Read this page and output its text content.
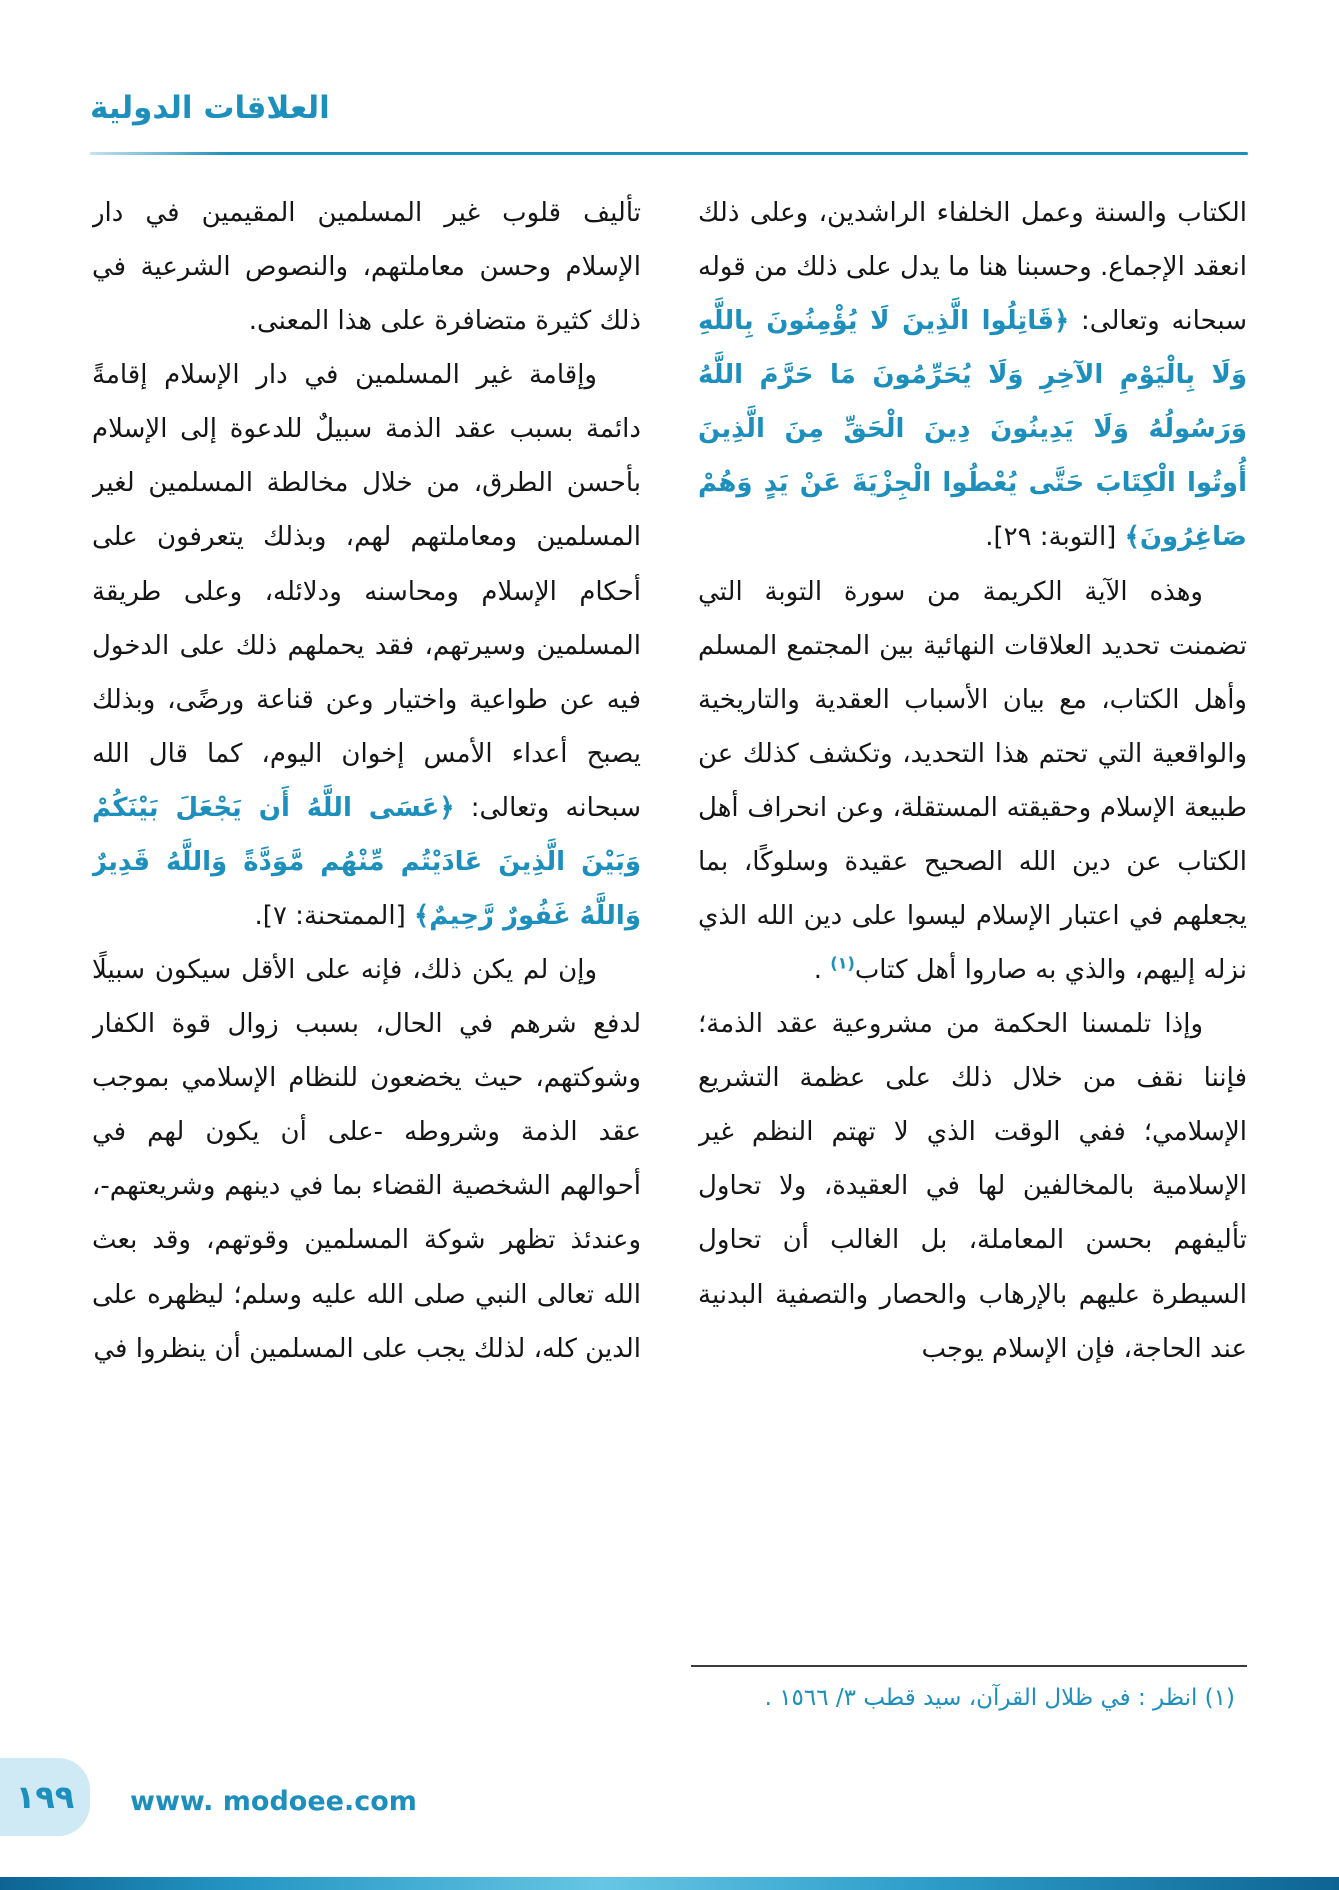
العلاقات الدولية

الكتاب والسنة وعمل الخلفاء الراشدين، وعلى ذلك انعقد الإجماع. وحسبنا هنا ما يدل على ذلك من قوله سبحانه وتعالى: ﴿قَاتِلُوا الَّذِينَ لَا يُؤْمِنُونَ بِاللَّهِ وَلَا بِالْيَوْمِ الآخِرِ وَلَا يُحَرِّمُونَ مَا حَرَّمَ اللَّهُ وَرَسُولُهُ وَلَا يَدِينُونَ دِينَ الْحَقِّ مِنَ الَّذِينَ أُوتُوا الْكِتَابَ حَتَّى يُعْطُوا الْجِزْيَةَ عَنْ يَدٍ وَهُمْ صَاغِرُونَ﴾ [التوبة: ٢٩].

وهذه الآية الكريمة من سورة التوبة التي تضمنت تحديد العلاقات النهائية بين المجتمع المسلم وأهل الكتاب، مع بيان الأسباب العقدية والتاريخية والواقعية التي تحتم هذا التحديد، وتكشف كذلك عن طبيعة الإسلام وحقيقته المستقلة، وعن انحراف أهل الكتاب عن دين الله الصحيح عقيدة وسلوكًا، بما يجعلهم في اعتبار الإسلام ليسوا على دين الله الذي نزله إليهم، والذي به صاروا أهل كتاب$^{(١)}$ .

وإذا تلمسنا الحكمة من مشروعية عقد الذمة؛ فإننا نقف من خلال ذلك على عظمة التشريع الإسلامي؛ ففي الوقت الذي لا تهتم النظم غير الإسلامية بالمخالفين لها في العقيدة، ولا تحاول تأليفهم بحسن المعاملة، بل الغالب أن تحاول السيطرة عليهم بالإرهاب والحصار والتصفية البدنية عند الحاجة، فإن الإسلام يوجب

تأليف قلوب غير المسلمين المقيمين في دار الإسلام وحسن معاملتهم، والنصوص الشرعية في ذلك كثيرة متضافرة على هذا المعنى.

وإقامة غير المسلمين في دار الإسلام إقامةً دائمة بسبب عقد الذمة سبيلٌ للدعوة إلى الإسلام بأحسن الطرق، من خلال مخالطة المسلمين لغير المسلمين ومعاملتهم لهم، وبذلك يتعرفون على أحكام الإسلام ومحاسنه ودلائله، وعلى طريقة المسلمين وسيرتهم، فقد يحملهم ذلك على الدخول فيه عن طواعية واختيار وعن قناعة ورضًى، وبذلك يصبح أعداء الأمس إخوان اليوم، كما قال الله سبحانه وتعالى: ﴿عَسَى اللَّهُ أَن يَجْعَلَ بَيْنَكُمْ وَبَيْنَ الَّذِينَ عَادَيْتُم مِّنْهُم مَّوَدَّةً وَاللَّهُ قَدِيرٌ وَاللَّهُ غَفُورٌ رَّحِيمٌ﴾ [الممتحنة: ٧].

وإن لم يكن ذلك، فإنه على الأقل سيكون سبيلًا لدفع شرهم في الحال، بسبب زوال قوة الكفار وشوكتهم، حيث يخضعون للنظام الإسلامي بموجب عقد الذمة وشروطه -على أن يكون لهم في أحوالهم الشخصية القضاء بما في دينهم وشريعتهم-، وعندئذ تظهر شوكة المسلمين وقوتهم، وقد بعث الله تعالى النبي صلى الله عليه وسلم؛ ليظهره على الدين كله، لذلك يجب على المسلمين أن ينظروا في

(١) انظر : في ظلال القرآن، سيد قطب ٣/ ١٥٦٦ .
١٩٩ www. modoee.com
